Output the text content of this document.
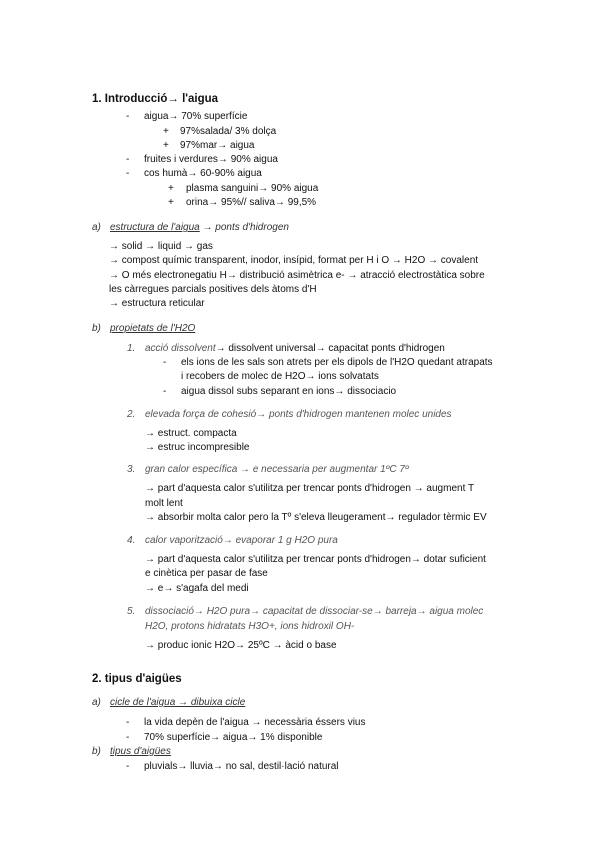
1. Introducció→ l'aigua
- aigua→ 70% superfície
+ 97%salada/ 3% dolça
+ 97%mar→ aigua
- fruites i verdures→ 90% aigua
- cos humà→ 60-90% aigua
+ plasma sanguini→ 90% aigua
+ orina→ 95%// saliva→ 99,5%
a) estructura de l'aigua → ponts d'hidrogen
→ solid → liquid → gas
→ compost químic transparent, inodor, insípid, format per H i O → H2O → covalent
→ O més electronegatiu H→ distribució asimètrica e- → atracció electrostàtica sobre
les càrregues parcials positives dels àtoms d'H
→ estructura reticular
b) propietats de l'H2O
1. acció dissolvent→ dissolvent universal→ capacitat ponts d'hidrogen
- els ions de les sals son atrets per els dipols de l'H2O quedant atrapats
i recobers de molec de H2O→ ions solvatats
- aigua dissol subs separant en ions→ dissociacio
2. elevada força de cohesió→ ponts d'hidrogen mantenen molec unides
→ estruct. compacta
→ estruc incompresible
3. gran calor específica → e necessaria per augmentar 1ºC 7º
→ part d'aquesta calor s'utilitza per trencar ponts d'hidrogen → augment T
molt lent
→ absorbir molta calor pero la Tº s'eleva lleugerament→ regulador tèrmic EV
4. calor vaporització→ evaporar 1 g H2O pura
→ part d'aquesta calor s'utilitza per trencar ponts d'hidrogen→ dotar suficient
e cinètica per pasar de fase
→ e→ s'agafa del medi
5. dissociació→ H2O pura→ capacitat de dissociar-se→ barreja→ aigua molec
H2O, protons hidratats H3O+, ions hidroxil OH-
→ produc ionic H2O→ 25ºC → àcid o base
2. tipus d'aigües
a) cicle de l'aigua → dibuixa cicle
- la vida depèn de l'aigua → necessària éssers vius
- 70% superfície→ aigua→ 1% disponible
b) tipus d'aigües
- pluvials→ lluvia→ no sal, destil·lació natural
